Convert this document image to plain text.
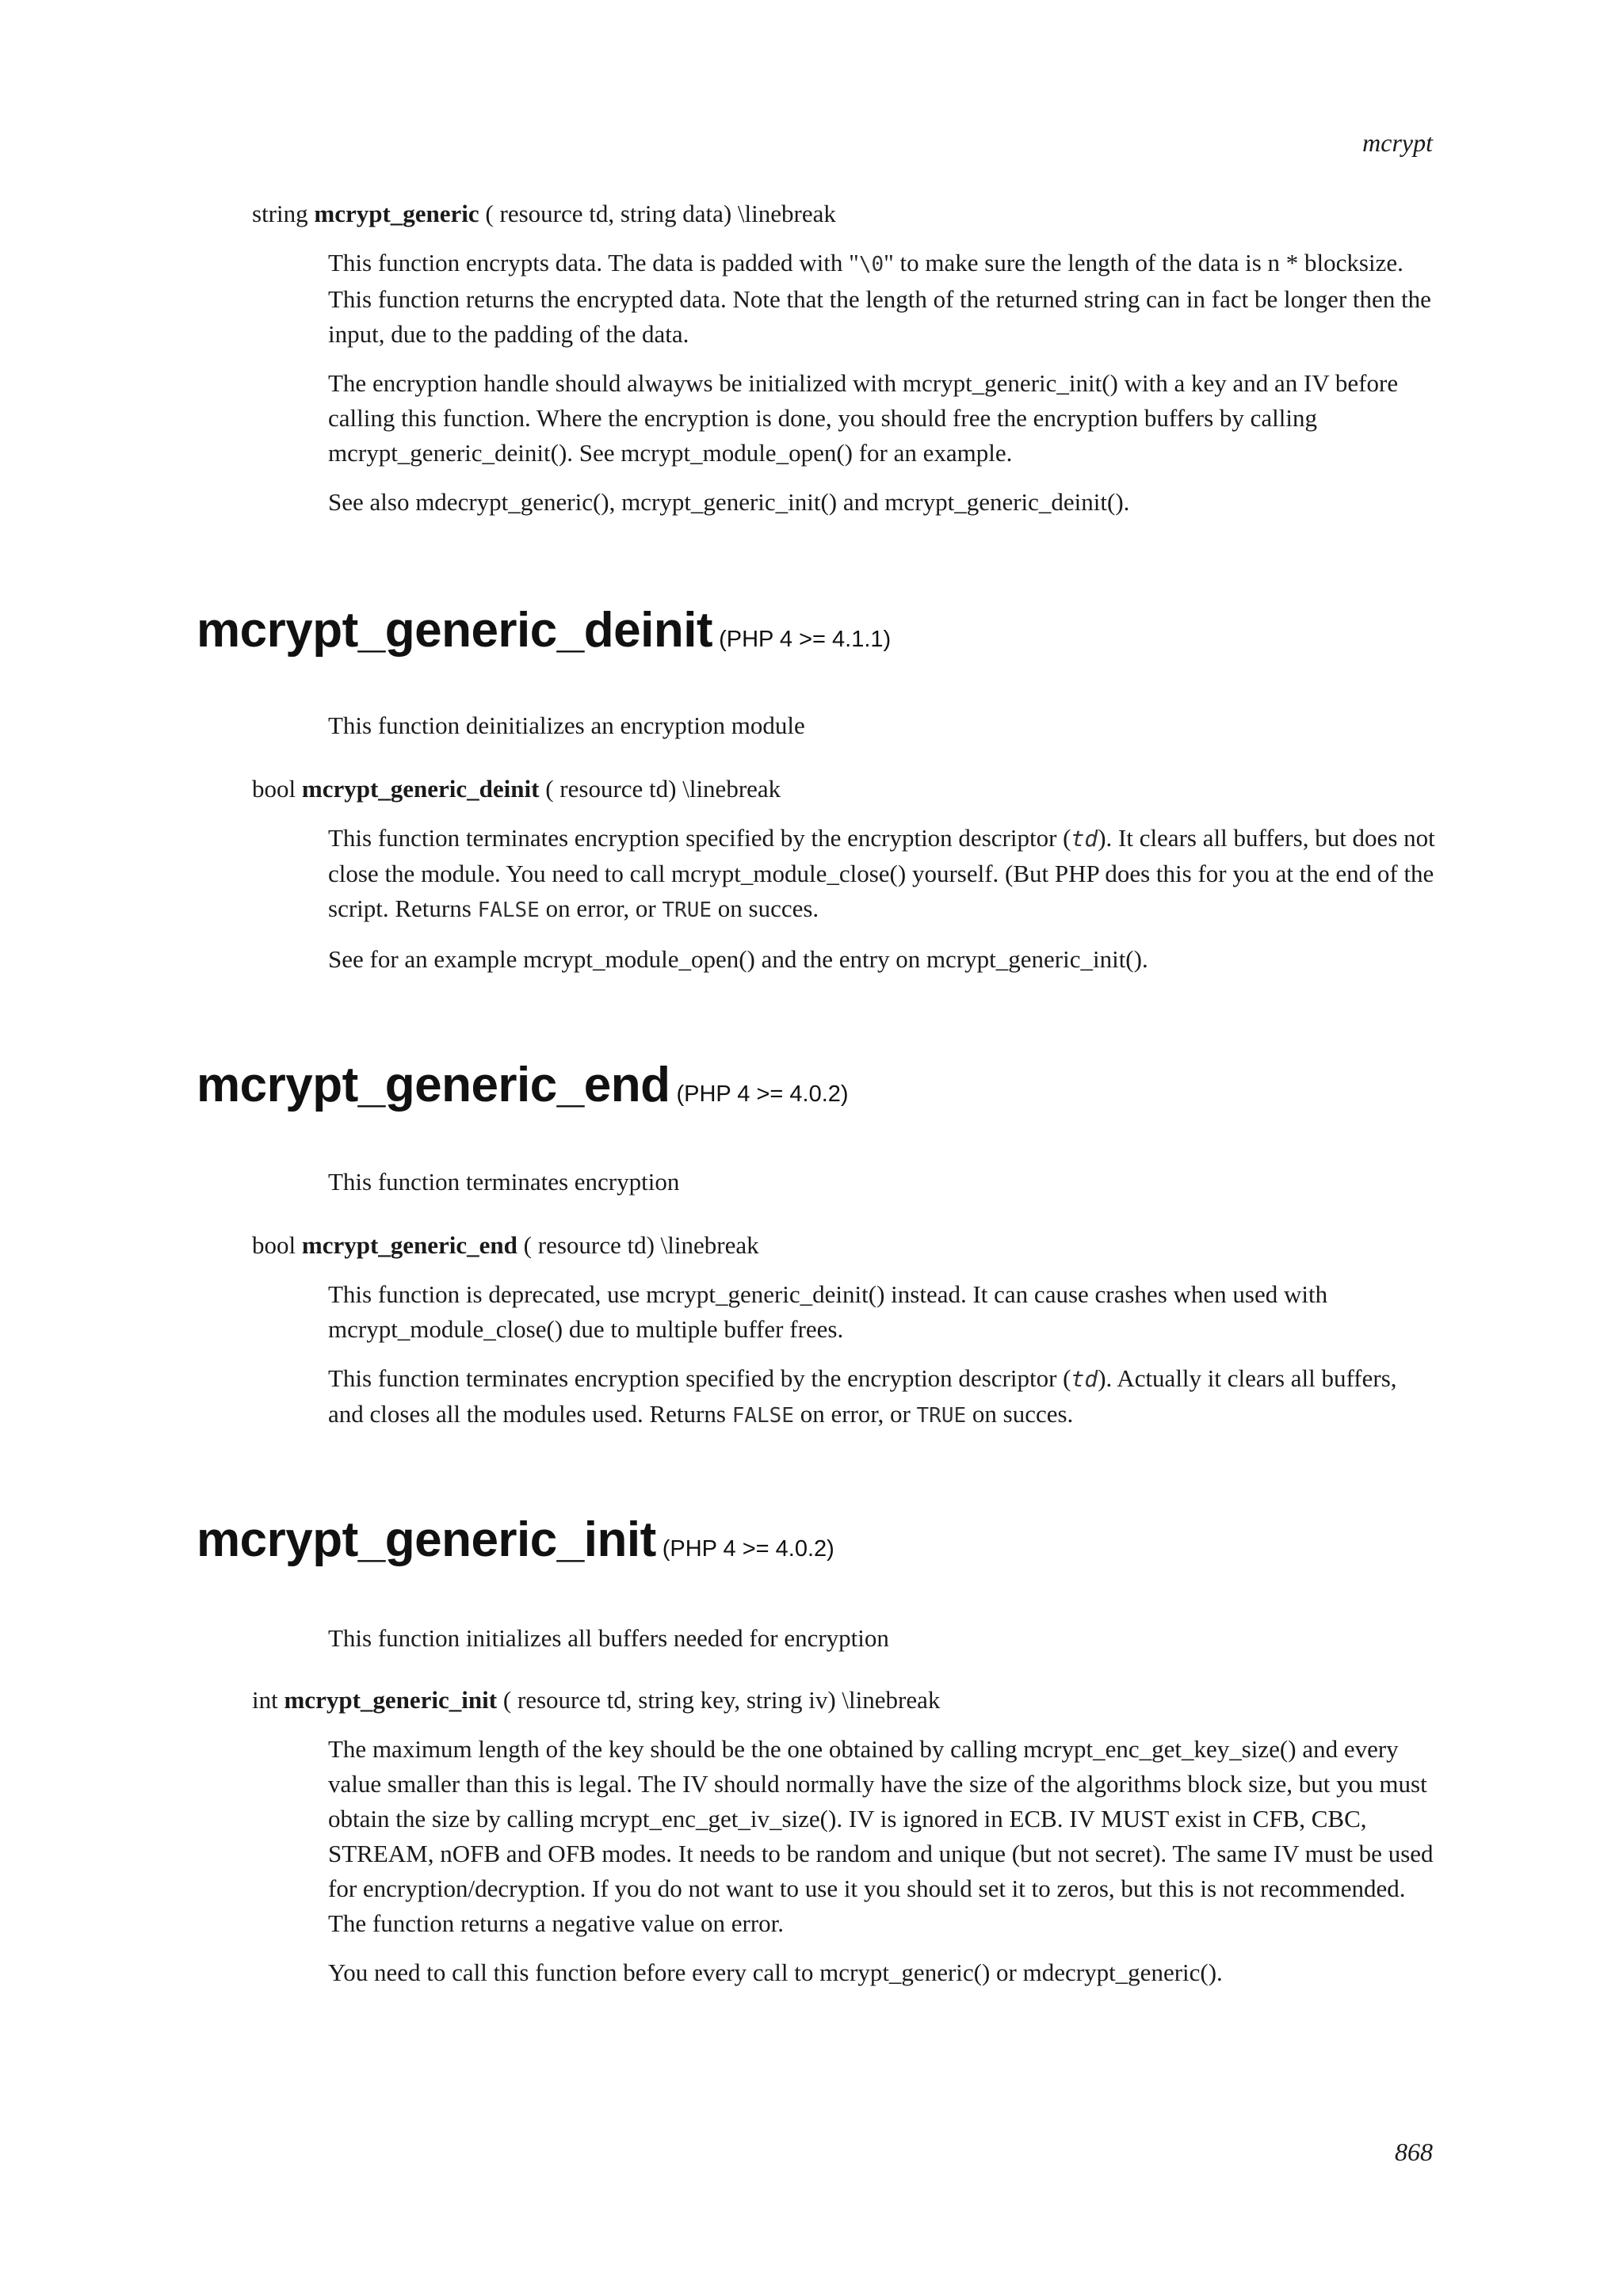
mcrypt
string mcrypt_generic ( resource td, string data) \linebreak

This function encrypts data. The data is padded with "\0" to make sure the length of the data is n * blocksize. This function returns the encrypted data. Note that the length of the returned string can in fact be longer then the input, due to the padding of the data.

The encryption handle should alwayws be initialized with mcrypt_generic_init() with a key and an IV before calling this function. Where the encryption is done, you should free the encryption buffers by calling mcrypt_generic_deinit(). See mcrypt_module_open() for an example.

See also mdecrypt_generic(), mcrypt_generic_init() and mcrypt_generic_deinit().

mcrypt_generic_deinit (PHP 4 >= 4.1.1)
This function deinitializes an encryption module
bool mcrypt_generic_deinit ( resource td) \linebreak

This function terminates encryption specified by the encryption descriptor (td). It clears all buffers, but does not close the module. You need to call mcrypt_module_close() yourself. (But PHP does this for you at the end of the script. Returns FALSE on error, or TRUE on succes.

See for an example mcrypt_module_open() and the entry on mcrypt_generic_init().

mcrypt_generic_end (PHP 4 >= 4.0.2)
This function terminates encryption
bool mcrypt_generic_end ( resource td) \linebreak

This function is deprecated, use mcrypt_generic_deinit() instead. It can cause crashes when used with mcrypt_module_close() due to multiple buffer frees.

This function terminates encryption specified by the encryption descriptor (td). Actually it clears all buffers, and closes all the modules used. Returns FALSE on error, or TRUE on succes.

mcrypt_generic_init (PHP 4 >= 4.0.2)
This function initializes all buffers needed for encryption
int mcrypt_generic_init ( resource td, string key, string iv) \linebreak

The maximum length of the key should be the one obtained by calling mcrypt_enc_get_key_size() and every value smaller than this is legal. The IV should normally have the size of the algorithms block size, but you must obtain the size by calling mcrypt_enc_get_iv_size(). IV is ignored in ECB. IV MUST exist in CFB, CBC, STREAM, nOFB and OFB modes. It needs to be random and unique (but not secret). The same IV must be used for encryption/decryption. If you do not want to use it you should set it to zeros, but this is not recommended. The function returns a negative value on error.

You need to call this function before every call to mcrypt_generic() or mdecrypt_generic().

868
